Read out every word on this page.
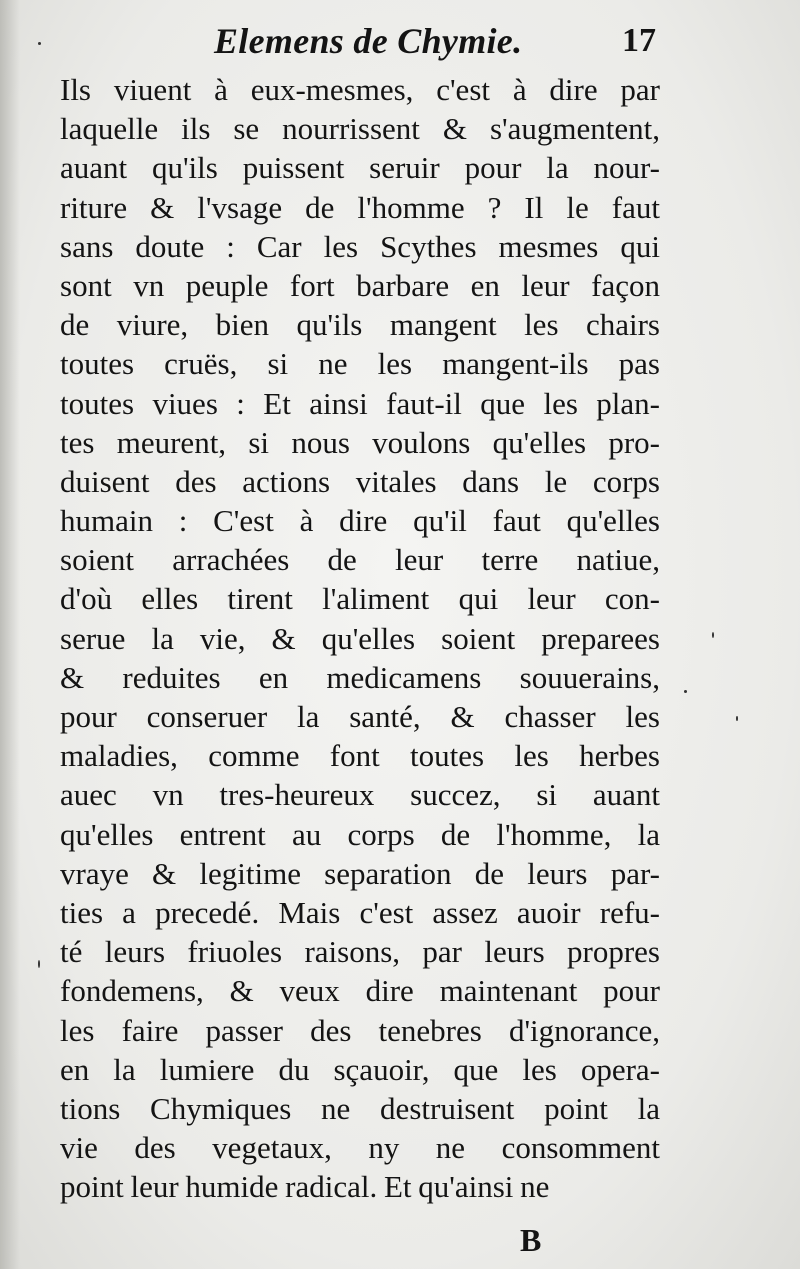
Elemens de Chymie.	17
Ils viuent à eux-mesmes, c'est à dire par
laquelle ils se nourrissent & s'augmentent,
auant qu'ils puissent seruir pour la nour-
riture & l'vsage de l'homme ? Il le faut
sans doute : Car les Scythes mesmes qui
sont vn peuple fort barbare en leur façon
de viure, bien qu'ils mangent les chairs
toutes cruës, si ne les mangent-ils pas
toutes viues : Et ainsi faut-il que les plan-
tes meurent, si nous voulons qu'elles pro-
duisent des actions vitales dans le corps
humain : C'est à dire qu'il faut qu'elles
soient arrachées de leur terre natiue,
d'où elles tirent l'aliment qui leur con-
serue la vie, & qu'elles soient preparees
& reduites en medicamens souuerains,
pour conseruer la santé, & chasser les
maladies, comme font toutes les herbes
auec vn tres-heureux succez, si auant
qu'elles entrent au corps de l'homme, la
vraye & legitime separation de leurs par-
ties a precedé. Mais c'est assez auoir refu-
té leurs friuoles raisons, par leurs propres
fondemens, & veux dire maintenant pour
les faire passer des tenebres d'ignorance,
en la lumiere du sçauoir, que les opera-
tions Chymiques ne destruisent point la
vie des vegetaux, ny ne consomment
point leur humide radical. Et qu'ainsi ne
B
